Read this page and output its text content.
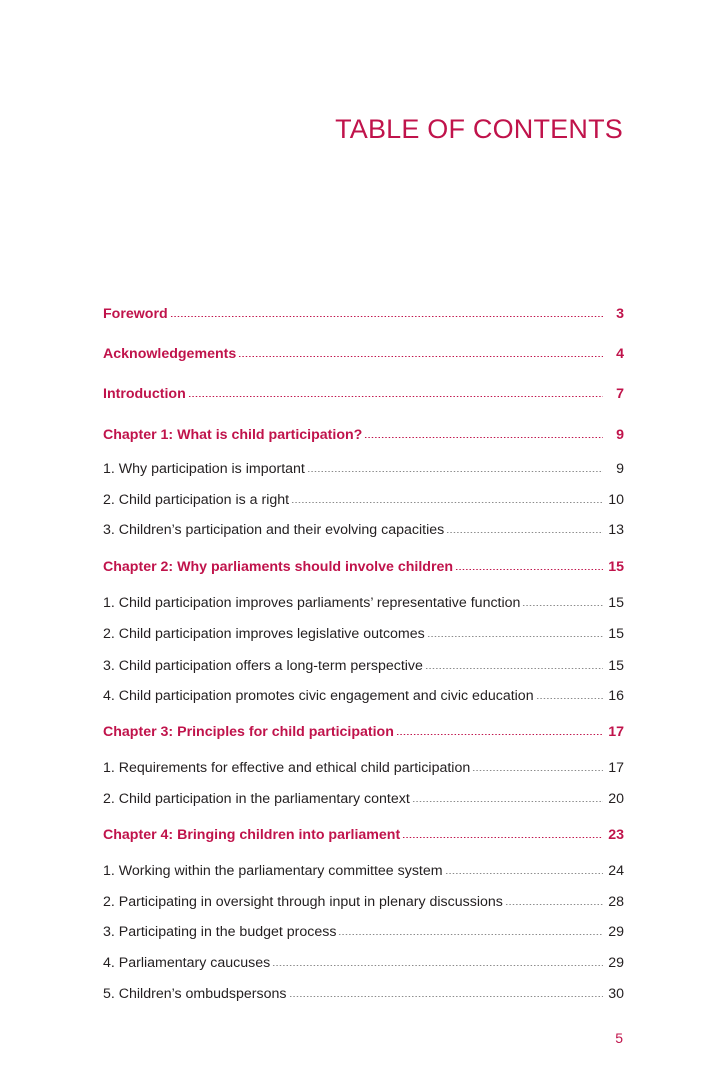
TABLE OF CONTENTS
Foreword	3
Acknowledgements	4
Introduction	7
Chapter 1: What is child participation?	9
1. Why participation is important	9
2. Child participation is a right	10
3. Children’s participation and their evolving capacities	13
Chapter 2: Why parliaments should involve children	15
1. Child participation improves parliaments’ representative function	15
2. Child participation improves legislative outcomes	15
3. Child participation offers a long-term perspective	15
4. Child participation promotes civic engagement and civic education	16
Chapter 3: Principles for child participation	17
1. Requirements for effective and ethical child participation	17
2. Child participation in the parliamentary context	20
Chapter 4: Bringing children into parliament	23
1. Working within the parliamentary committee system	24
2. Participating in oversight through input in plenary discussions	28
3. Participating in the budget process	29
4. Parliamentary caucuses	29
5. Children’s ombudspersons	30
5
